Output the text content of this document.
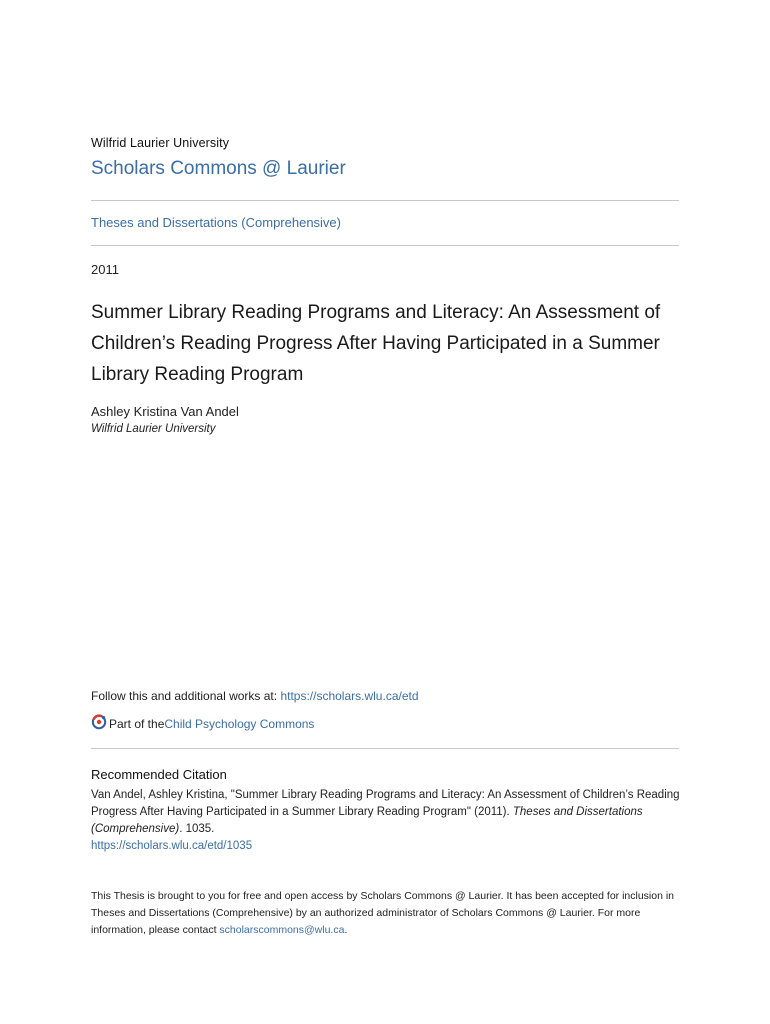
Wilfrid Laurier University
Scholars Commons @ Laurier
Theses and Dissertations (Comprehensive)
2011
Summer Library Reading Programs and Literacy: An Assessment of Children’s Reading Progress After Having Participated in a Summer Library Reading Program
Ashley Kristina Van Andel
Wilfrid Laurier University
Follow this and additional works at: https://scholars.wlu.ca/etd
Part of the Child Psychology Commons
Recommended Citation
Van Andel, Ashley Kristina, "Summer Library Reading Programs and Literacy: An Assessment of Children’s Reading Progress After Having Participated in a Summer Library Reading Program" (2011). Theses and Dissertations (Comprehensive). 1035.
https://scholars.wlu.ca/etd/1035
This Thesis is brought to you for free and open access by Scholars Commons @ Laurier. It has been accepted for inclusion in Theses and Dissertations (Comprehensive) by an authorized administrator of Scholars Commons @ Laurier. For more information, please contact scholarscommons@wlu.ca.
